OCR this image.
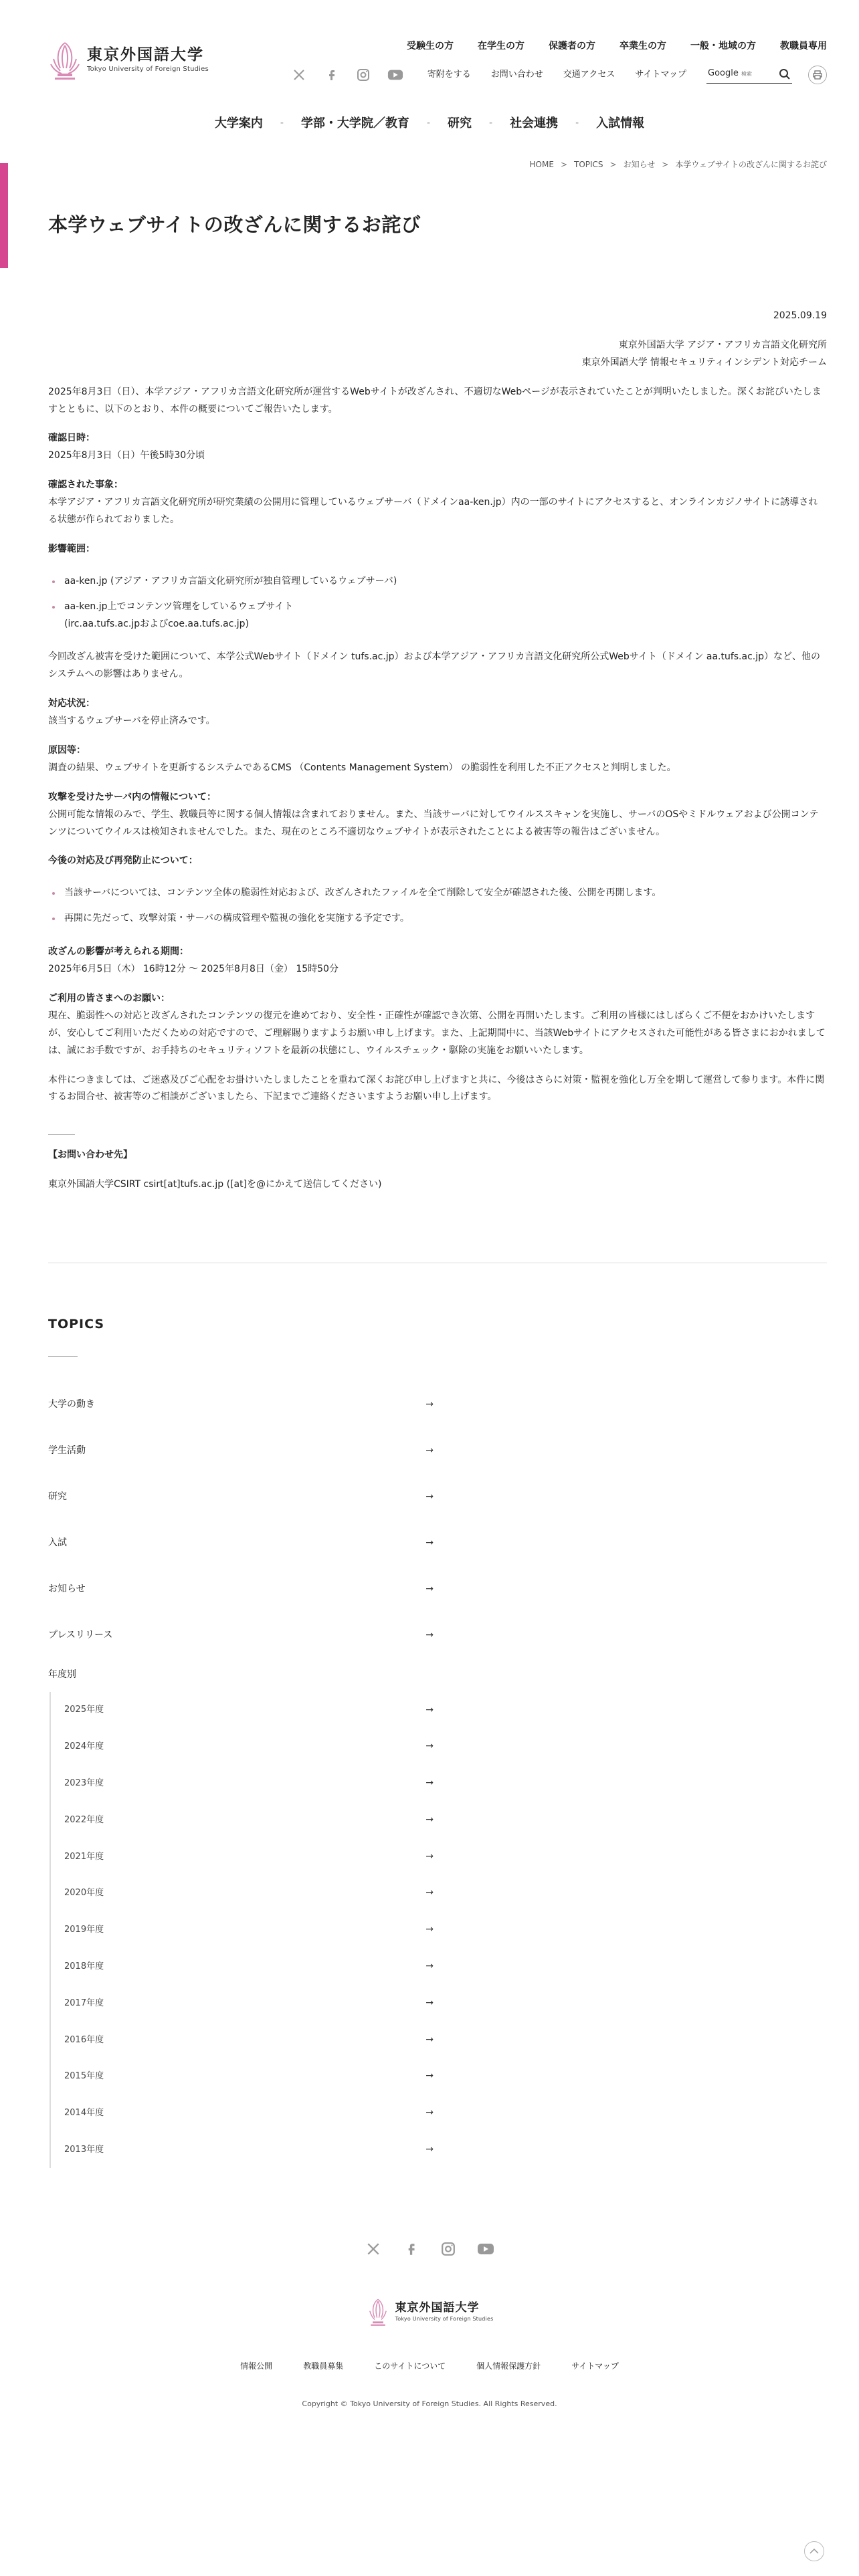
東京外国語大学
Tokyo University of Foreign Studies
受験生の方	在学生の方	保護者の方	卒業生の方	一般・地域の方	教職員専用
寄附をする お問い合わせ 交通アクセス サイトマップ Google 検索
大学案内	-	学部・大学院／教育	-	研究	-	社会連携	-	入試情報
HOME > TOPICS > お知らせ > 本学ウェブサイトの改ざんに関するお詫び
本学ウェブサイトの改ざんに関するお詫び
2025.09.19
東京外国語大学 アジア・アフリカ言語文化研究所
東京外国語大学 情報セキュリティインシデント対応チーム

2025年8月3日（日）、本学アジア・アフリカ言語文化研究所が運営するWebサイトが改ざんされ、不適切なWebページが表示されていたことが判明いたしました。深くお詫びいたしますとともに、以下のとおり、本件の概要についてご報告いたします。

確認日時：

2025年8月3日（日）午後5時30分頃

確認された事象：

本学アジア・アフリカ言語文化研究所が研究業績の公開用に管理しているウェブサーバ（ドメインaa-ken.jp）内の一部のサイトにアクセスすると、オンラインカジノサイトに誘導される状態が作られておりました。

影響範囲：
aa-ken.jp (アジア・アフリカ言語文化研究所が独自管理しているウェブサーバ)
aa-ken.jp上でコンテンツ管理をしているウェブサイト
(irc.aa.tufs.ac.jpおよびcoe.aa.tufs.ac.jp)

今回改ざん被害を受けた範囲について、本学公式Webサイト（ドメイン tufs.ac.jp）および本学アジア・アフリカ言語文化研究所公式Webサイト（ドメイン aa.tufs.ac.jp）など、他のシステムへの影響はありません。

対応状況：

該当するウェブサーバを停止済みです。

原因等：

調査の結果、ウェブサイトを更新するシステムであるCMS （Contents Management System） の脆弱性を利用した不正アクセスと判明しました。

攻撃を受けたサーバ内の情報について：

公開可能な情報のみで、学生、教職員等に関する個人情報は含まれておりません。また、当該サーバに対してウイルススキャンを実施し、サーバのOSやミドルウェアおよび公開コンテンツについてウイルスは検知されませんでした。また、現在のところ不適切なウェブサイトが表示されたことによる被害等の報告はございません。

今後の対応及び再発防止について：
当該サーバについては、コンテンツ全体の脆弱性対応および、改ざんされたファイルを全て削除して安全が確認された後、公開を再開します。
再開に先だって、攻撃対策・サーバの構成管理や監視の強化を実施する予定です。
改ざんの影響が考えられる期間：

2025年6月5日（木） 16時12分 ～ 2025年8月8日（金） 15時50分

ご利用の皆さまへのお願い：

現在、脆弱性への対応と改ざんされたコンテンツの復元を進めており、安全性・正確性が確認でき次第、公開を再開いたします。ご利用の皆様にはしばらくご不便をおかけいたしますが、安心してご利用いただくための対応ですので、ご理解賜りますようお願い申し上げます。また、上記期間中に、当該Webサイトにアクセスされた可能性がある皆さまにおかれましては、誠にお手数ですが、お手持ちのセキュリティソフトを最新の状態にし、ウイルスチェック・駆除の実施をお願いいたします。

本件につきましては、ご迷惑及びご心配をお掛けいたしましたことを重ねて深くお詫び申し上げますと共に、今後はさらに対策・監視を強化し万全を期して運営して参ります。本件に関するお問合せ、被害等のご相談がございましたら、下記までご連絡くださいますようお願い申し上げます。

【お問い合わせ先】

東京外国語大学CSIRT csirt[at]tufs.ac.jp ([at]を@にかえて送信してください)

TOPICS
大学の動き	→
学生活動	→
研究	→
入試	→
お知らせ	→
プレスリリース	→
年度別
2025年度	→
2024年度	→
2023年度	→
2022年度	→
2021年度	→
2020年度	→
2019年度	→
2018年度	→
2017年度	→
2016年度	→
2015年度	→
2014年度	→
2013年度	→
東京外国語大学
Tokyo University of Foreign Studies
情報公開	教職員募集	このサイトについて	個人情報保護方針	サイトマップ
Copyright © Tokyo University of Foreign Studies. All Rights Reserved.
